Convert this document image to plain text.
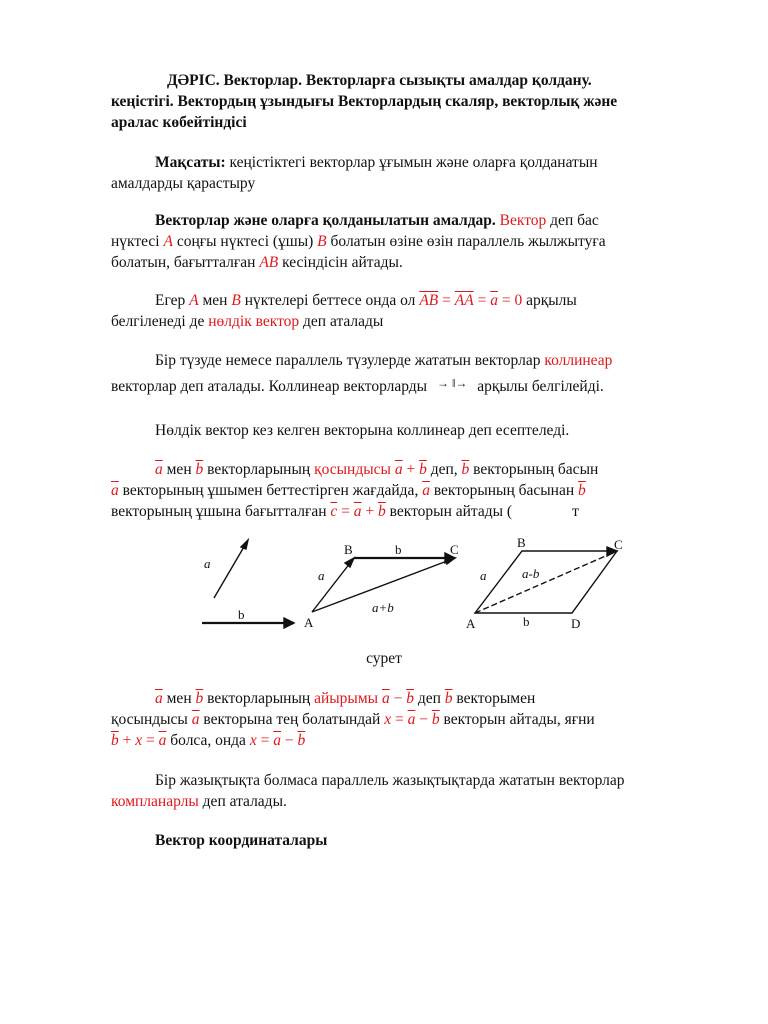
ДӘРІС. Векторлар. Векторларға сызықты амалдар қолдану.
кеңістігі. Вектордың ұзындығы Векторлардың скаляр, векторлық және
аралас көбейтіндісі
Мақсаты: кеңістіктегі векторлар ұғымын және оларға қолданатын
амалдарды қарастыру
Векторлар және оларға қолданылатын амалдар. Вектор деп бас
нүктесі A соңғы нүктесі (ұшы) B болатын өзіне өзін параллель жылжытуға
болатын, бағытталған AB кесіндісін айтады.
Егер A мен B нүктелері беттесе онда ол $\overline{AB} = \overline{AA} = \overline{a} = 0$ арқылы
белгіленеді де нөлдік вектор деп аталады
Бір түзуде немесе параллель түзулерде жататын векторлар коллинеар
векторлар деп аталады. Коллинеар векторларды → ‖→ арқылы белгілейді.
Нөлдік вектор кез келген векторына коллинеар деп есептеледі.
$\overline{a}$ мен $\overline{b}$ векторларының қосындысы $\overline{a} + \overline{b}$ деп, $\overline{b}$ векторының басын
$\overline{a}$ векторының ұшымен беттестірген жағдайда, $\overline{a}$ векторының басынан $\overline{b}$
векторының ұшына бағытталған $\overline{c} = \overline{a} + \overline{b}$ векторын айтады (	т
a
b
B	b	C
a
a+b
A
B	C
a	a-b
A	b	D
сурет
$\overline{a}$ мен $\overline{b}$ векторларының айырымы $\overline{a} - \overline{b}$ деп $\overline{b}$ векторымен
қосындысы $\overline{a}$ векторына тең болатындай $x = \overline{a} - \overline{b}$ векторын айтады, яғни
$\overline{b} + x = \overline{a}$ болса, онда $x = \overline{a} - \overline{b}$
Бір жазықтықта болмаса параллель жазықтықтарда жататын векторлар
компланарлы деп аталады.
Вектор координаталары
